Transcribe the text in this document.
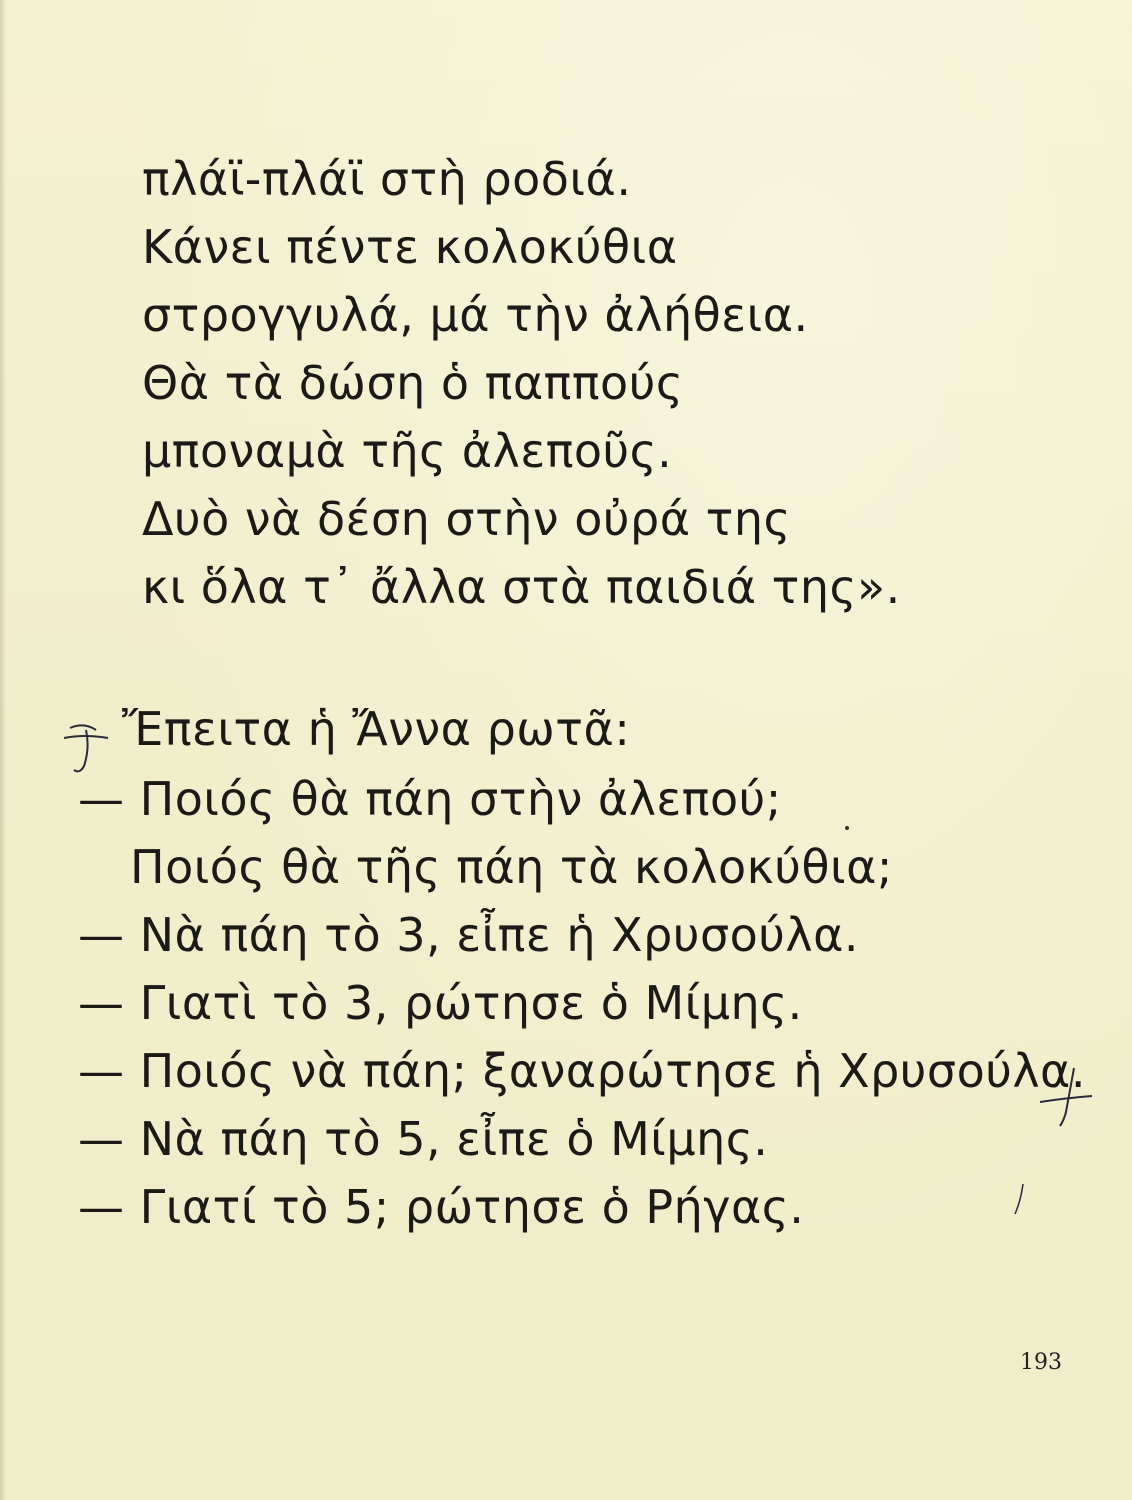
πλάϊ-πλάϊ στὴ ροδιά.
Κάνει πέντε κολοκύθια
στρογγυλά, μά τὴν ἀλήθεια.
Θὰ τὰ δώση ὁ παππούς
μποναμὰ τῆς ἀλεποῦς.
Δυὸ νὰ δέση στὴν οὐρά της
κι ὅλα τ᾿ ἄλλα στὰ παιδιά της».
Ἔπειτα ἡ Ἄννα ρωτᾶ:
— Ποιός θὰ πάη στὴν ἀλεπού;
Ποιός θὰ τῆς πάη τὰ κολοκύθια;
— Νὰ πάη τὸ 3, εἶπε ἡ Χρυσούλα.
— Γιατὶ τὸ 3, ρώτησε ὁ Μίμης.
— Ποιός νὰ πάη; ξαναρώτησε ἡ Χρυσούλα.
— Νὰ πάη τὸ 5, εἶπε ὁ Μίμης.
— Γιατί τὸ 5; ρώτησε ὁ Ρήγας.
193
